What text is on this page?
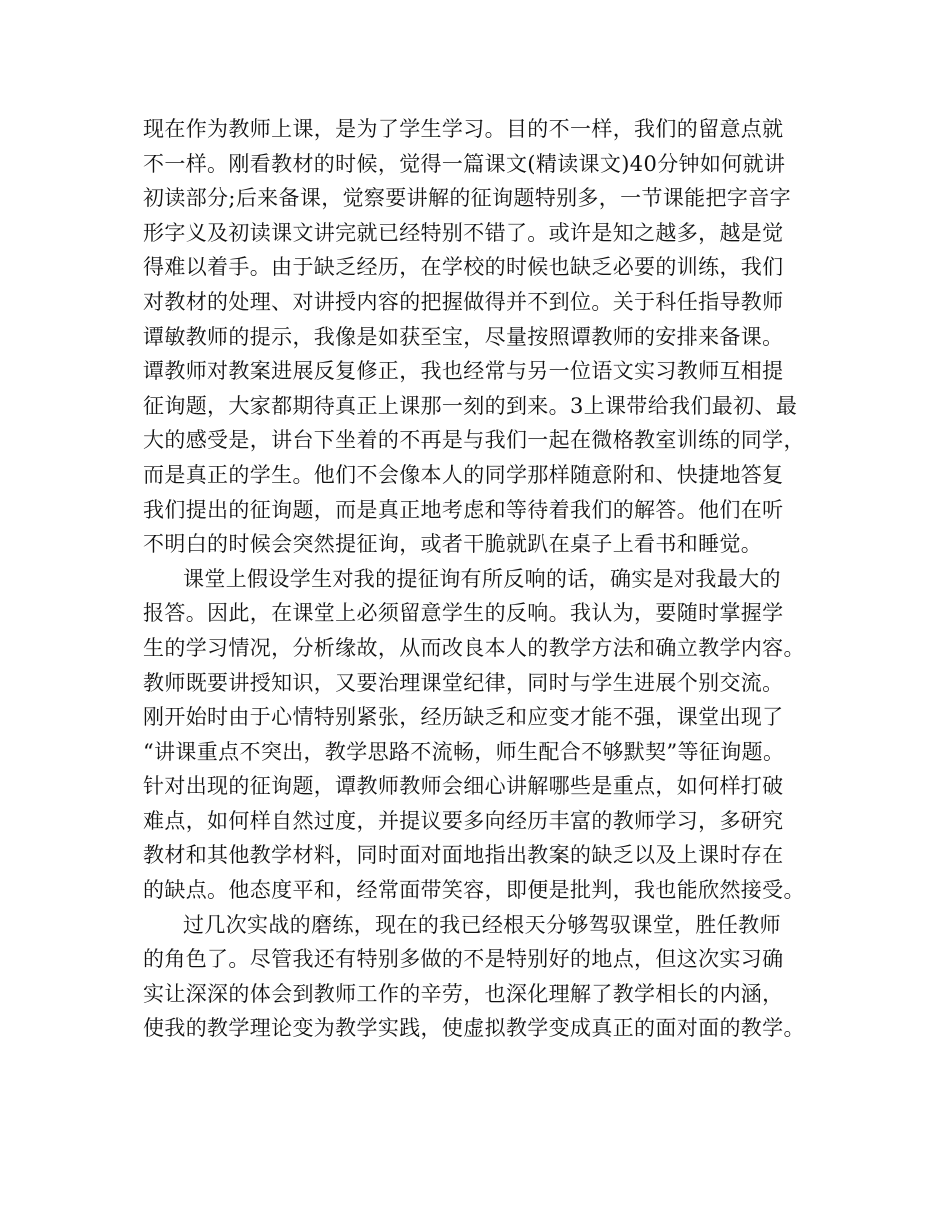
现在作为教师上课，是为了学生学习。目的不一样，我们的留意点就
不一样。刚看教材的时候，觉得一篇课文(精读课文)40分钟如何就讲
初读部分;后来备课，觉察要讲解的征询题特别多，一节课能把字音字
形字义及初读课文讲完就已经特别不错了。或许是知之越多，越是觉
得难以着手。由于缺乏经历，在学校的时候也缺乏必要的训练，我们
对教材的处理、对讲授内容的把握做得并不到位。关于科任指导教师
谭敏教师的提示，我像是如获至宝，尽量按照谭教师的安排来备课。
谭教师对教案进展反复修正，我也经常与另一位语文实习教师互相提
征询题，大家都期待真正上课那一刻的到来。3上课带给我们最初、最
大的感受是，讲台下坐着的不再是与我们一起在微格教室训练的同学，
而是真正的学生。他们不会像本人的同学那样随意附和、快捷地答复
我们提出的征询题，而是真正地考虑和等待着我们的解答。他们在听
不明白的时候会突然提征询，或者干脆就趴在桌子上看书和睡觉。
课堂上假设学生对我的提征询有所反响的话，确实是对我最大的
报答。因此，在课堂上必须留意学生的反响。我认为，要随时掌握学
生的学习情况，分析缘故，从而改良本人的教学方法和确立教学内容。
教师既要讲授知识，又要治理课堂纪律，同时与学生进展个别交流。
刚开始时由于心情特别紧张，经历缺乏和应变才能不强，课堂出现了
“讲课重点不突出，教学思路不流畅，师生配合不够默契”等征询题。
针对出现的征询题，谭教师教师会细心讲解哪些是重点，如何样打破
难点，如何样自然过度，并提议要多向经历丰富的教师学习，多研究
教材和其他教学材料，同时面对面地指出教案的缺乏以及上课时存在
的缺点。他态度平和，经常面带笑容，即便是批判，我也能欣然接受。
过几次实战的磨练，现在的我已经根天分够驾驭课堂，胜任教师
的角色了。尽管我还有特别多做的不是特别好的地点，但这次实习确
实让深深的体会到教师工作的辛劳，也深化理解了教学相长的内涵，
使我的教学理论变为教学实践，使虚拟教学变成真正的面对面的教学。
